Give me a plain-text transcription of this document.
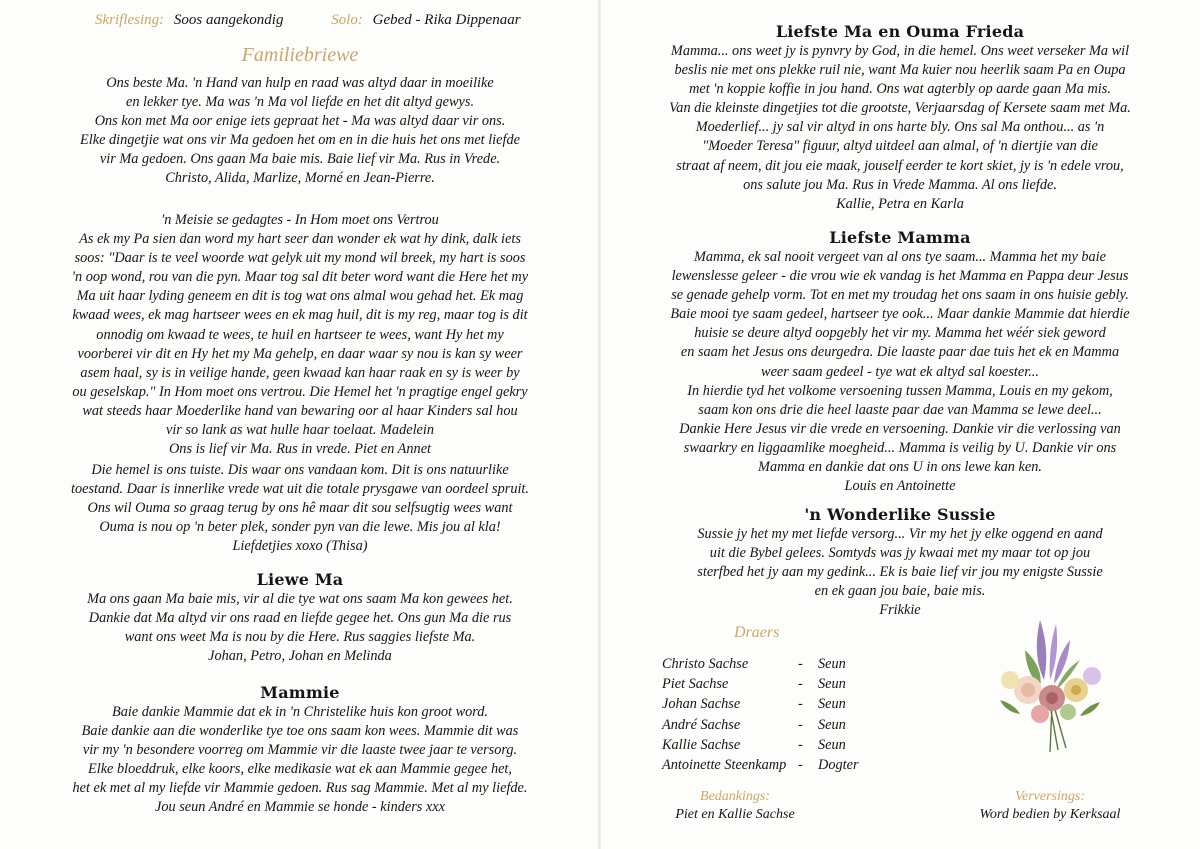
Skriflesing: Soos aangekondig	Solo: Gebed - Rika Dippenaar
Familiebriewe
Ons beste Ma. 'n Hand van hulp en raad was altyd daar in moeilike
en lekker tye. Ma was 'n Ma vol liefde en het dit altyd gewys.
Ons kon met Ma oor enige iets gepraat het - Ma was altyd daar vir ons.
Elke dingetjie wat ons vir Ma gedoen het om en in die huis het ons met liefde
vir Ma gedoen. Ons gaan Ma baie mis. Baie lief vir Ma. Rus in Vrede.
Christo, Alida, Marlize, Morné en Jean-Pierre.
'n Meisie se gedagtes - In Hom moet ons Vertrou
As ek my Pa sien dan word my hart seer dan wonder ek wat hy dink, dalk iets
soos: "Daar is te veel woorde wat gelyk uit my mond wil breek, my hart is soos
'n oop wond, rou van die pyn. Maar tog sal dit beter word want die Here het my
Ma uit haar lyding geneem en dit is tog wat ons almal wou gehad het. Ek mag
kwaad wees, ek mag hartseer wees en ek mag huil, dit is my reg, maar tog is dit
onnodig om kwaad te wees, te huil en hartseer te wees, want Hy het my
voorberei vir dit en Hy het my Ma gehelp, en daar waar sy nou is kan sy weer
asem haal, sy is in veilige hande, geen kwaad kan haar raak en sy is weer by
ou geselskap." In Hom moet ons vertrou. Die Hemel het 'n pragtige engel gekry
wat steeds haar Moederlike hand van bewaring oor al haar Kinders sal hou
vir so lank as wat hulle haar toelaat. Madelein
Ons is lief vir Ma. Rus in vrede. Piet en Annet
Die hemel is ons tuiste. Dis waar ons vandaan kom. Dit is ons natuurlike
toestand. Daar is innerlike vrede wat uit die totale prysgawe van oordeel spruit.
Ons wil Ouma so graag terug by ons hê maar dit sou selfsugtig wees want
Ouma is nou op 'n beter plek, sonder pyn van die lewe. Mis jou al kla!
Liefdetjies xoxo (Thisa)
Liewe Ma
Ma ons gaan Ma baie mis, vir al die tye wat ons saam Ma kon gewees het.
Dankie dat Ma altyd vir ons raad en liefde gegee het. Ons gun Ma die rus
want ons weet Ma is nou by die Here. Rus saggies liefste Ma.
Johan, Petro, Johan en Melinda
Mammie
Baie dankie Mammie dat ek in 'n Christelike huis kon groot word.
Baie dankie aan die wonderlike tye toe ons saam kon wees. Mammie dit was
vir my 'n besondere voorreg om Mammie vir die laaste twee jaar te versorg.
Elke bloeddruk, elke koors, elke medikasie wat ek aan Mammie gegee het,
het ek met al my liefde vir Mammie gedoen. Rus sag Mammie. Met al my liefde.
Jou seun André en Mammie se honde - kinders xxx
Liefste Ma en Ouma Frieda
Mamma... ons weet jy is pynvry by God, in die hemel. Ons weet verseker Ma wil
beslis nie met ons plekke ruil nie, want Ma kuier nou heerlik saam Pa en Oupa
met 'n koppie koffie in jou hand. Ons wat agterbly op aarde gaan Ma mis.
Van die kleinste dingetjies tot die grootste, Verjaarsdag of Kersete saam met Ma.
Moederlief... jy sal vir altyd in ons harte bly. Ons sal Ma onthou... as 'n
"Moeder Teresa" figuur, altyd uitdeel aan almal, of 'n diertjie van die
straat af neem, dit jou eie maak, jouself eerder te kort skiet, jy is 'n edele vrou,
ons salute jou Ma. Rus in Vrede Mamma. Al ons liefde.
Kallie, Petra en Karla
Liefste Mamma
Mamma, ek sal nooit vergeet van al ons tye saam... Mamma het my baie
lewenslesse geleer - die vrou wie ek vandag is het Mamma en Pappa deur Jesus
se genade gehelp vorm. Tot en met my troudag het ons saam in ons huisie gebly.
Baie mooi tye saam gedeel, hartseer tye ook... Maar dankie Mammie dat hierdie
huisie se deure altyd oopgebly het vir my. Mamma het wéér siek geword
en saam het Jesus ons deurgedra. Die laaste paar dae tuis het ek en Mamma
weer saam gedeel - tye wat ek altyd sal koester...
In hierdie tyd het volkome versoening tussen Mamma, Louis en my gekom,
saam kon ons drie die heel laaste paar dae van Mamma se lewe deel...
Dankie Here Jesus vir die vrede en versoening. Dankie vir die verlossing van
swaarkry en liggaamlike moegheid... Mamma is veilig by U. Dankie vir ons
Mamma en dankie dat ons U in ons lewe kan ken.
Louis en Antoinette
'n Wonderlike Sussie
Sussie jy het my met liefde versorg... Vir my het jy elke oggend en aand
uit die Bybel gelees. Somtyds was jy kwaai met my maar tot op jou
sterfbed het jy aan my gedink... Ek is baie lief vir jou my enigste Sussie
en ek gaan jou baie, baie mis.
Frikkie
Draers
Christo Sachse	-	Seun
Piet Sachse	-	Seun
Johan Sachse	-	Seun
André Sachse	-	Seun
Kallie Sachse	-	Seun
Antoinette Steenkamp -	Dogter
Bedankings:
Piet en Kallie Sachse
Verversings:
Word bedien by Kerksaal
